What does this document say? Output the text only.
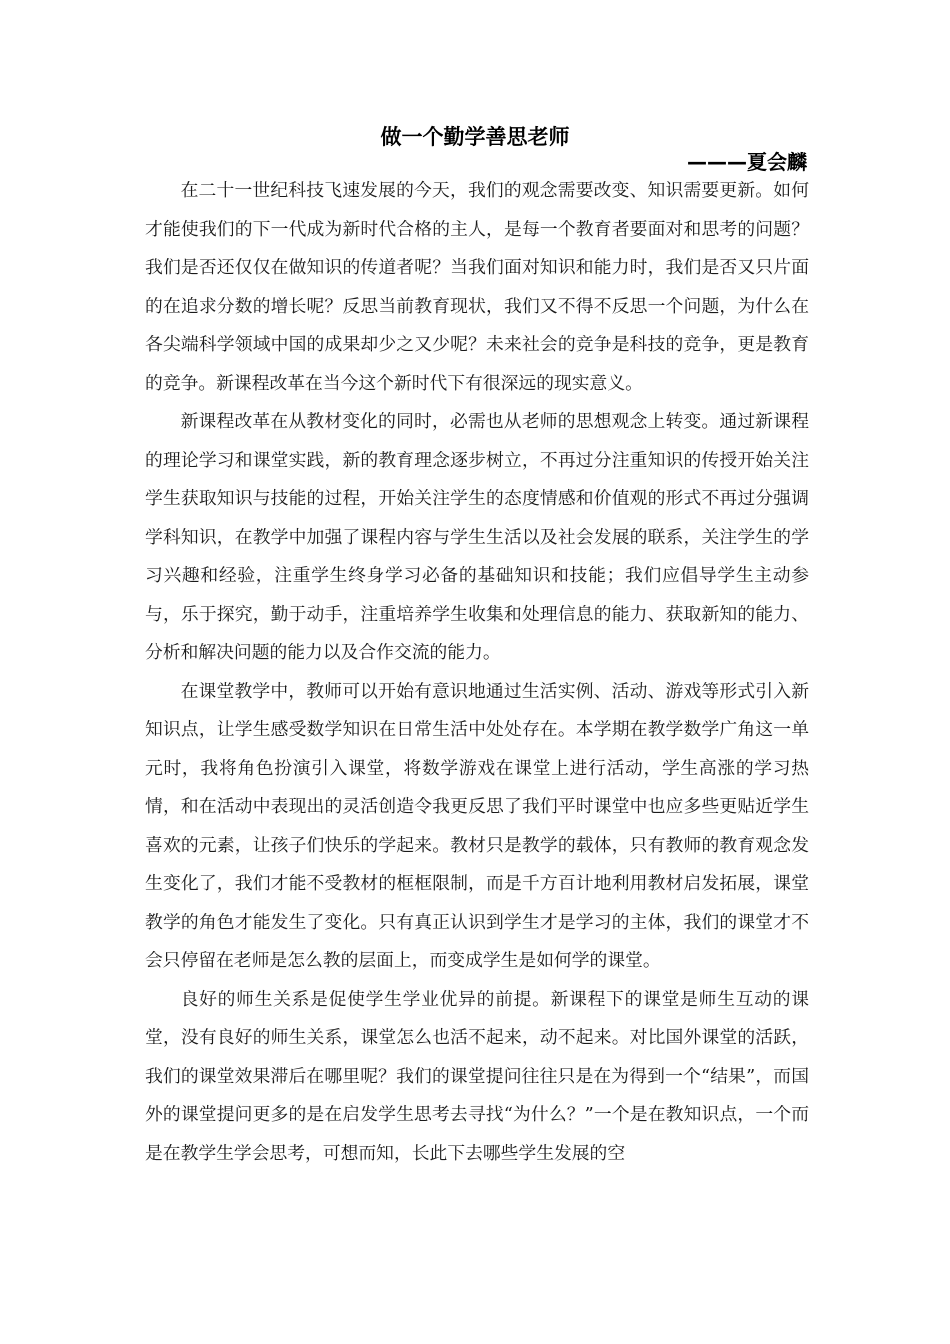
做一个勤学善思老师
———夏会麟

在二十一世纪科技飞速发展的今天，我们的观念需要改变、知识需要更新。如何才能使我们的下一代成为新时代合格的主人，是每一个教育者要面对和思考的问题？我们是否还仅仅在做知识的传道者呢？当我们面对知识和能力时，我们是否又只片面的在追求分数的增长呢？反思当前教育现状，我们又不得不反思一个问题，为什么在各尖端科学领域中国的成果却少之又少呢？未来社会的竞争是科技的竞争，更是教育的竞争。新课程改革在当今这个新时代下有很深远的现实意义。

新课程改革在从教材变化的同时，必需也从老师的思想观念上转变。通过新课程的理论学习和课堂实践，新的教育理念逐步树立，不再过分注重知识的传授开始关注学生获取知识与技能的过程，开始关注学生的态度情感和价值观的形式不再过分强调学科知识，在教学中加强了课程内容与学生生活以及社会发展的联系，关注学生的学习兴趣和经验，注重学生终身学习必备的基础知识和技能；我们应倡导学生主动参与，乐于探究，勤于动手，注重培养学生收集和处理信息的能力、获取新知的能力、分析和解决问题的能力以及合作交流的能力。

在课堂教学中，教师可以开始有意识地通过生活实例、活动、游戏等形式引入新知识点，让学生感受数学知识在日常生活中处处存在。本学期在教学数学广角这一单元时，我将角色扮演引入课堂，将数学游戏在课堂上进行活动，学生高涨的学习热情，和在活动中表现出的灵活创造令我更反思了我们平时课堂中也应多些更贴近学生喜欢的元素，让孩子们快乐的学起来。教材只是教学的载体，只有教师的教育观念发生变化了，我们才能不受教材的框框限制，而是千方百计地利用教材启发拓展，课堂教学的角色才能发生了变化。只有真正认识到学生才是学习的主体，我们的课堂才不会只停留在老师是怎么教的层面上，而变成学生是如何学的课堂。

良好的师生关系是促使学生学业优异的前提。新课程下的课堂是师生互动的课堂，没有良好的师生关系，课堂怎么也活不起来，动不起来。对比国外课堂的活跃，我们的课堂效果滞后在哪里呢？我们的课堂提问往往只是在为得到一个“结果”，而国外的课堂提问更多的是在启发学生思考去寻找“为什么？”一个是在教知识点，一个而是在教学生学会思考，可想而知，长此下去哪些学生发展的空
